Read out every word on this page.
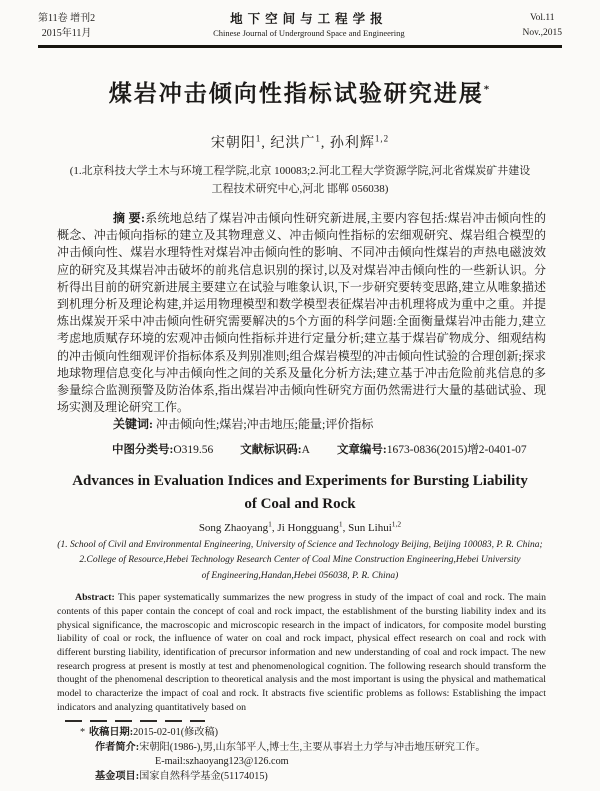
第11卷 增刊2
2015年11月
地下空间与工程学报
Chinese Journal of Underground Space and Engineering
Vol.11
Nov.,2015
煤岩冲击倾向性指标试验研究进展*
宋朝阳$^1$, 纪洪广$^1$, 孙利辉$^{1,2}$
(1.北京科技大学土木与环境工程学院,北京 100083;2.河北工程大学资源学院,河北省煤炭矿井建设
工程技术研究中心,河北 邯郸 056038)
摘 要:系统地总结了煤岩冲击倾向性研究新进展,主要内容包括:煤岩冲击倾向性的概念、冲击倾向指标的建立及其物理意义、冲击倾向性指标的宏细观研究、煤岩组合模型的冲击倾向性、煤岩水理特性对煤岩冲击倾向性的影响、不同冲击倾向性煤岩的声热电磁波效应的研究及其煤岩冲击破坏的前兆信息识别的探讨,以及对煤岩冲击倾向性的一些新认识。分析得出目前的研究新进展主要建立在试验与唯象认识,下一步研究要转变思路,建立从唯象描述到机理分析及理论构建,并运用物理模型和数学模型表征煤岩冲击机理将成为重中之重。并提炼出煤炭开采中冲击倾向性研究需要解决的5个方面的科学问题:全面衡量煤岩冲击能力,建立考虑地质赋存环境的宏观冲击倾向性指标并进行定量分析;建立基于煤岩矿物成分、细观结构的冲击倾向性细观评价指标体系及判别准则;组合煤岩模型的冲击倾向性试验的合理创新;探求地球物理信息变化与冲击倾向性之间的关系及量化分析方法;建立基于冲击危险前兆信息的多参量综合监测预警及防治体系,指出煤岩冲击倾向性研究方面仍然需进行大量的基础试验、现场实测及理论研究工作。
关键词: 冲击倾向性;煤岩;冲击地压;能量;评价指标
中图分类号:O319.56 文献标识码:A 文章编号:1673-0836(2015)增2-0401-07
Advances in Evaluation Indices and Experiments for Bursting Liability of Coal and Rock
Song Zhaoyang$^1$, Ji Hongguang$^1$, Sun Lihui$^{1,2}$
(1. School of Civil and Environmental Engineering, University of Science and Technology Beijing, Beijing 100083, P. R. China;
2.College of Resource,Hebei Technology Research Center of Coal Mine Construction Engineering,Hebei University
of Engineering,Handan,Hebei 056038, P. R. China)
Abstract: This paper systematically summarizes the new progress in study of the impact of coal and rock. The main contents of this paper contain the concept of coal and rock impact, the establishment of the bursting liability index and its physical significance, the macroscopic and microscopic research in the impact of indicators, for composite model bursting liability of coal or rock, the influence of water on coal and rock impact, physical effect research on coal and rock with different bursting liability, identification of precursor information and new understanding of coal and rock impact. The new research progress at present is mostly at test and phenomenological cognition. The following research should transform the thought of the phenomenal description to theoretical analysis and the most important is using the physical and mathematical model to characterize the impact of coal and rock. It abstracts five scientific problems as follows: Establishing the impact indicators and analyzing quantitatively based on
* 收稿日期:2015-02-01(修改稿)
作者简介:宋朝阳(1986-),男,山东邹平人,博士生,主要从事岩土力学与冲击地压研究工作。
E-mail:szhaoyang123@126.com
基金项目:国家自然科学基金(51174015)
